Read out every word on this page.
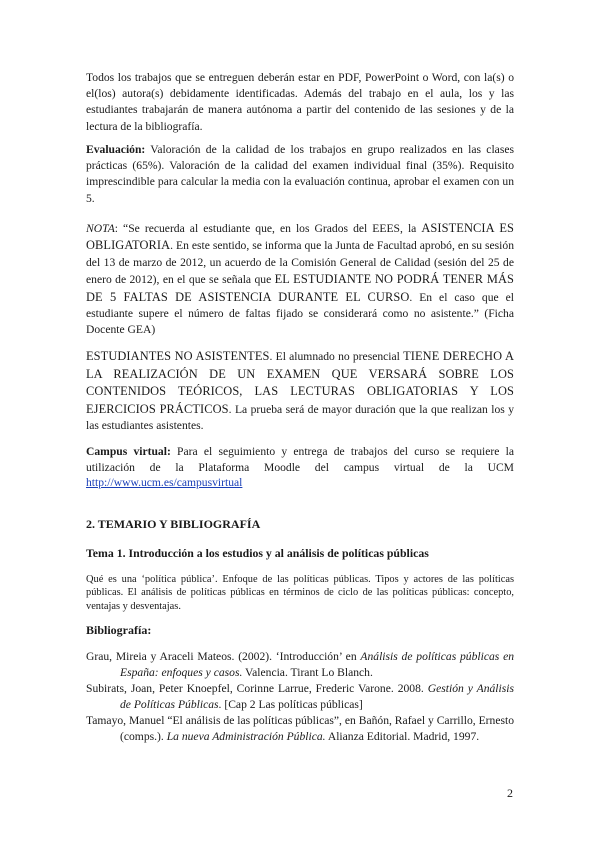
Todos los trabajos que se entreguen deberán estar en PDF, PowerPoint o Word, con la(s) o el(los) autora(s) debidamente identificadas. Además del trabajo en el aula, los y las estudiantes trabajarán de manera autónoma a partir del contenido de las sesiones y de la lectura de la bibliografía.

Evaluación: Valoración de la calidad de los trabajos en grupo realizados en las clases prácticas (65%). Valoración de la calidad del examen individual final (35%). Requisito imprescindible para calcular la media con la evaluación continua, aprobar el examen con un 5.

NOTA: “Se recuerda al estudiante que, en los Grados del EEES, la ASISTENCIA ES OBLIGATORIA. En este sentido, se informa que la Junta de Facultad aprobó, en su sesión del 13 de marzo de 2012, un acuerdo de la Comisión General de Calidad (sesión del 25 de enero de 2012), en el que se señala que EL ESTUDIANTE NO PODRÁ TENER MÁS DE 5 FALTAS DE ASISTENCIA DURANTE EL CURSO. En el caso que el estudiante supere el número de faltas fijado se considerará como no asistente.” (Ficha Docente GEA)

ESTUDIANTES NO ASISTENTES. El alumnado no presencial TIENE DERECHO A LA REALIZACIÓN DE UN EXAMEN QUE VERSARÁ SOBRE LOS CONTENIDOS TEÓRICOS, LAS LECTURAS OBLIGATORIAS Y LOS EJERCICIOS PRÁCTICOS. La prueba será de mayor duración que la que realizan los y las estudiantes asistentes.

Campus virtual: Para el seguimiento y entrega de trabajos del curso se requiere la utilización de la Plataforma Moodle del campus virtual de la UCM http://www.ucm.es/campusvirtual

2. TEMARIO Y BIBLIOGRAFÍA
Tema 1. Introducción a los estudios y al análisis de políticas públicas

Qué es una ‘política pública’. Enfoque de las políticas públicas. Tipos y actores de las políticas públicas. El análisis de políticas públicas en términos de ciclo de las políticas públicas: concepto, ventajas y desventajas.

Bibliografía:
Grau, Mireia y Araceli Mateos. (2002). ‘Introducción’ en Análisis de políticas públicas en España: enfoques y casos. Valencia. Tirant Lo Blanch.
Subirats, Joan, Peter Knoepfel, Corinne Larrue, Frederic Varone. 2008. Gestión y Análisis de Políticas Públicas. [Cap 2 Las políticas públicas]
Tamayo, Manuel “El análisis de las políticas públicas”, en Bañón, Rafael y Carrillo, Ernesto (comps.). La nueva Administración Pública. Alianza Editorial. Madrid, 1997.
2
